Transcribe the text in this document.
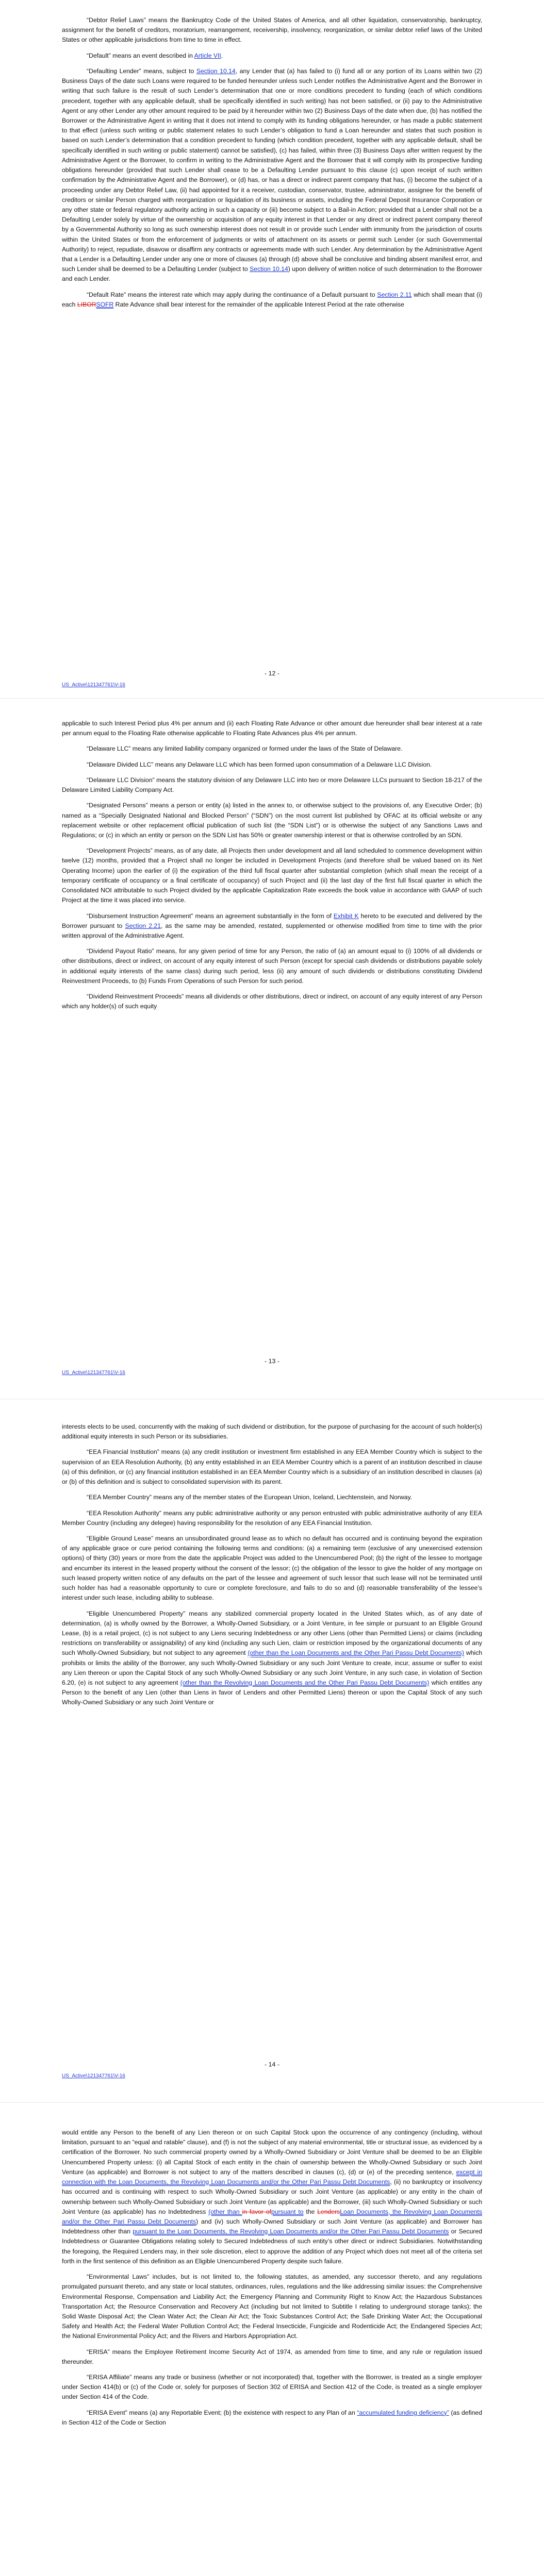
“Debtor Relief Laws” means the Bankruptcy Code of the United States of America, and all other liquidation, conservatorship, bankruptcy, assignment for the benefit of creditors, moratorium, rearrangement, receivership, insolvency, reorganization, or similar debtor relief laws of the United States or other applicable jurisdictions from time to time in effect.

“Default” means an event described in Article VII.

“Defaulting Lender” means, subject to Section 10.14, any Lender that (a) has failed to (i) fund all or any portion of its Loans within two (2) Business Days of the date such Loans were required to be funded hereunder unless such Lender notifies the Administrative Agent and the Borrower in writing that such failure is the result of such Lender’s determination that one or more conditions precedent to funding (each of which conditions precedent, together with any applicable default, shall be specifically identified in such writing) has not been satisfied, or (ii) pay to the Administrative Agent or any other Lender any other amount required to be paid by it hereunder within two (2) Business Days of the date when due, (b) has notified the Borrower or the Administrative Agent in writing that it does not intend to comply with its funding obligations hereunder, or has made a public statement to that effect (unless such writing or public statement relates to such Lender’s obligation to fund a Loan hereunder and states that such position is based on such Lender’s determination that a condition precedent to funding (which condition precedent, together with any applicable default, shall be specifically identified in such writing or public statement) cannot be satisfied), (c) has failed, within three (3) Business Days after written request by the Administrative Agent or the Borrower, to confirm in writing to the Administrative Agent and the Borrower that it will comply with its prospective funding obligations hereunder (provided that such Lender shall cease to be a Defaulting Lender pursuant to this clause (c) upon receipt of such written confirmation by the Administrative Agent and the Borrower), or (d) has, or has a direct or indirect parent company that has, (i) become the subject of a proceeding under any Debtor Relief Law, (ii) had appointed for it a receiver, custodian, conservator, trustee, administrator, assignee for the benefit of creditors or similar Person charged with reorganization or liquidation of its business or assets, including the Federal Deposit Insurance Corporation or any other state or federal regulatory authority acting in such a capacity or (iii) become subject to a Bail-in Action; provided that a Lender shall not be a Defaulting Lender solely by virtue of the ownership or acquisition of any equity interest in that Lender or any direct or indirect parent company thereof by a Governmental Authority so long as such ownership interest does not result in or provide such Lender with immunity from the jurisdiction of courts within the United States or from the enforcement of judgments or writs of attachment on its assets or permit such Lender (or such Governmental Authority) to reject, repudiate, disavow or disaffirm any contracts or agreements made with such Lender. Any determination by the Administrative Agent that a Lender is a Defaulting Lender under any one or more of clauses (a) through (d) above shall be conclusive and binding absent manifest error, and such Lender shall be deemed to be a Defaulting Lender (subject to Section 10.14) upon delivery of written notice of such determination to the Borrower and each Lender.

“Default Rate” means the interest rate which may apply during the continuance of a Default pursuant to Section 2.11 which shall mean that (i) each LIBORSOFR Rate Advance shall bear interest for the remainder of the applicable Interest Period at the rate otherwise

- 12 -
US_Active\121347761\V-16

applicable to such Interest Period plus 4% per annum and (ii) each Floating Rate Advance or other amount due hereunder shall bear interest at a rate per annum equal to the Floating Rate otherwise applicable to Floating Rate Advances plus 4% per annum.

“Delaware LLC” means any limited liability company organized or formed under the laws of the State of Delaware.

“Delaware Divided LLC” means any Delaware LLC which has been formed upon consummation of a Delaware LLC Division.

“Delaware LLC Division” means the statutory division of any Delaware LLC into two or more Delaware LLCs pursuant to Section 18-217 of the Delaware Limited Liability Company Act.

“Designated Persons” means a person or entity (a) listed in the annex to, or otherwise subject to the provisions of, any Executive Order; (b) named as a “Specially Designated National and Blocked Person” (“SDN”) on the most current list published by OFAC at its official website or any replacement website or other replacement official publication of such list (the “SDN List”) or is otherwise the subject of any Sanctions Laws and Regulations; or (c) in which an entity or person on the SDN List has 50% or greater ownership interest or that is otherwise controlled by an SDN.

“Development Projects” means, as of any date, all Projects then under development and all land scheduled to commence development within twelve (12) months, provided that a Project shall no longer be included in Development Projects (and therefore shall be valued based on its Net Operating Income) upon the earlier of (i) the expiration of the third full fiscal quarter after substantial completion (which shall mean the receipt of a temporary certificate of occupancy or a final certificate of occupancy) of such Project and (ii) the last day of the first full fiscal quarter in which the Consolidated NOI attributable to such Project divided by the applicable Capitalization Rate exceeds the book value in accordance with GAAP of such Project at the time it was placed into service.

“Disbursement Instruction Agreement” means an agreement substantially in the form of Exhibit K hereto to be executed and delivered by the Borrower pursuant to Section 2.21, as the same may be amended, restated, supplemented or otherwise modified from time to time with the prior written approval of the Administrative Agent.

“Dividend Payout Ratio” means, for any given period of time for any Person, the ratio of (a) an amount equal to (i) 100% of all dividends or other distributions, direct or indirect, on account of any equity interest of such Person (except for special cash dividends or distributions payable solely in additional equity interests of the same class) during such period, less (ii) any amount of such dividends or distributions constituting Dividend Reinvestment Proceeds, to (b) Funds From Operations of such Person for such period.

“Dividend Reinvestment Proceeds” means all dividends or other distributions, direct or indirect, on account of any equity interest of any Person which any holder(s) of such equity

- 13 -
US_Active\121347761\V-16

interests elects to be used, concurrently with the making of such dividend or distribution, for the purpose of purchasing for the account of such holder(s) additional equity interests in such Person or its subsidiaries.

“EEA Financial Institution” means (a) any credit institution or investment firm established in any EEA Member Country which is subject to the supervision of an EEA Resolution Authority, (b) any entity established in an EEA Member Country which is a parent of an institution described in clause (a) of this definition, or (c) any financial institution established in an EEA Member Country which is a subsidiary of an institution described in clauses (a) or (b) of this definition and is subject to consolidated supervision with its parent.

“EEA Member Country” means any of the member states of the European Union, Iceland, Liechtenstein, and Norway.

“EEA Resolution Authority” means any public administrative authority or any person entrusted with public administrative authority of any EEA Member Country (including any delegee) having responsibility for the resolution of any EEA Financial Institution.

“Eligible Ground Lease” means an unsubordinated ground lease as to which no default has occurred and is continuing beyond the expiration of any applicable grace or cure period containing the following terms and conditions: (a) a remaining term (exclusive of any unexercised extension options) of thirty (30) years or more from the date the applicable Project was added to the Unencumbered Pool; (b) the right of the lessee to mortgage and encumber its interest in the leased property without the consent of the lessor; (c) the obligation of the lessor to give the holder of any mortgage on such leased property written notice of any defaults on the part of the lessee and agreement of such lessor that such lease will not be terminated until such holder has had a reasonable opportunity to cure or complete foreclosure, and fails to do so and (d) reasonable transferability of the lessee’s interest under such lease, including ability to sublease.

“Eligible Unencumbered Property” means any stabilized commercial property located in the United States which, as of any date of determination, (a) is wholly owned by the Borrower, a Wholly-Owned Subsidiary, or a Joint Venture, in fee simple or pursuant to an Eligible Ground Lease, (b) is a retail project, (c) is not subject to any Liens securing Indebtedness or any other Liens (other than Permitted Liens) or claims (including restrictions on transferability or assignability) of any kind (including any such Lien, claim or restriction imposed by the organizational documents of any such Wholly-Owned Subsidiary, but not subject to any agreement (other than the Loan Documents and the Other Pari Passu Debt Documents) which prohibits or limits the ability of the Borrower, any such Wholly-Owned Subsidiary or any such Joint Venture to create, incur, assume or suffer to exist any Lien thereon or upon the Capital Stock of any such Wholly-Owned Subsidiary or any such Joint Venture, in any such case, in violation of Section 6.20, (e) is not subject to any agreement (other than the Revolving Loan Documents and the Other Pari Passu Debt Documents) which entitles any Person to the benefit of any Lien (other than Liens in favor of Lenders and other Permitted Liens) thereon or upon the Capital Stock of any such Wholly-Owned Subsidiary or any such Joint Venture or

- 14 -
US_Active\121347761\V-16

would entitle any Person to the benefit of any Lien thereon or on such Capital Stock upon the occurrence of any contingency (including, without limitation, pursuant to an “equal and ratable” clause), and (f) is not the subject of any material environmental, title or structural issue, as evidenced by a certification of the Borrower. No such commercial property owned by a Wholly-Owned Subsidiary or Joint Venture shall be deemed to be an Eligible Unencumbered Property unless: (i) all Capital Stock of each entity in the chain of ownership between the Wholly-Owned Subsidiary or such Joint Venture (as applicable) and Borrower is not subject to any of the matters described in clauses (c), (d) or (e) of the preceding sentence, except in connection with the Loan Documents, the Revolving Loan Documents and/or the Other Pari Passu Debt Documents, (ii) no bankruptcy or insolvency has occurred and is continuing with respect to such Wholly-Owned Subsidiary or such Joint Venture (as applicable) or any entity in the chain of ownership between such Wholly-Owned Subsidiary or such Joint Venture (as applicable) and the Borrower, (iii) such Wholly-Owned Subsidiary or such Joint Venture (as applicable) has no Indebtedness (other than in favor ofpursuant to the LendersLoan Documents, the Revolving Loan Documents and/or the Other Pari Passu Debt Documents) and (iv) such Wholly-Owned Subsidiary or such Joint Venture (as applicable) and Borrower has Indebtedness other than pursuant to the Loan Documents, the Revolving Loan Documents and/or the Other Pari Passu Debt Documents or Secured Indebtedness or Guarantee Obligations relating solely to Secured Indebtedness of such entity’s other direct or indirect Subsidiaries. Notwithstanding the foregoing, the Required Lenders may, in their sole discretion, elect to approve the addition of any Project which does not meet all of the criteria set forth in the first sentence of this definition as an Eligible Unencumbered Property despite such failure.

“Environmental Laws” includes, but is not limited to, the following statutes, as amended, any successor thereto, and any regulations promulgated pursuant thereto, and any state or local statutes, ordinances, rules, regulations and the like addressing similar issues: the Comprehensive Environmental Response, Compensation and Liability Act; the Emergency Planning and Community Right to Know Act; the Hazardous Substances Transportation Act; the Resource Conservation and Recovery Act (including but not limited to Subtitle I relating to underground storage tanks); the Solid Waste Disposal Act; the Clean Water Act; the Clean Air Act; the Toxic Substances Control Act; the Safe Drinking Water Act; the Occupational Safety and Health Act; the Federal Water Pollution Control Act; the Federal Insecticide, Fungicide and Rodenticide Act; the Endangered Species Act; the National Environmental Policy Act; and the Rivers and Harbors Appropriation Act.

“ERISA” means the Employee Retirement Income Security Act of 1974, as amended from time to time, and any rule or regulation issued thereunder.

“ERISA Affiliate” means any trade or business (whether or not incorporated) that, together with the Borrower, is treated as a single employer under Section 414(b) or (c) of the Code or, solely for purposes of Section 302 of ERISA and Section 412 of the Code, is treated as a single employer under Section 414 of the Code.

“ERISA Event” means (a) any Reportable Event; (b) the existence with respect to any Plan of an “accumulated funding deficiency” (as defined in Section 412 of the Code or Section
